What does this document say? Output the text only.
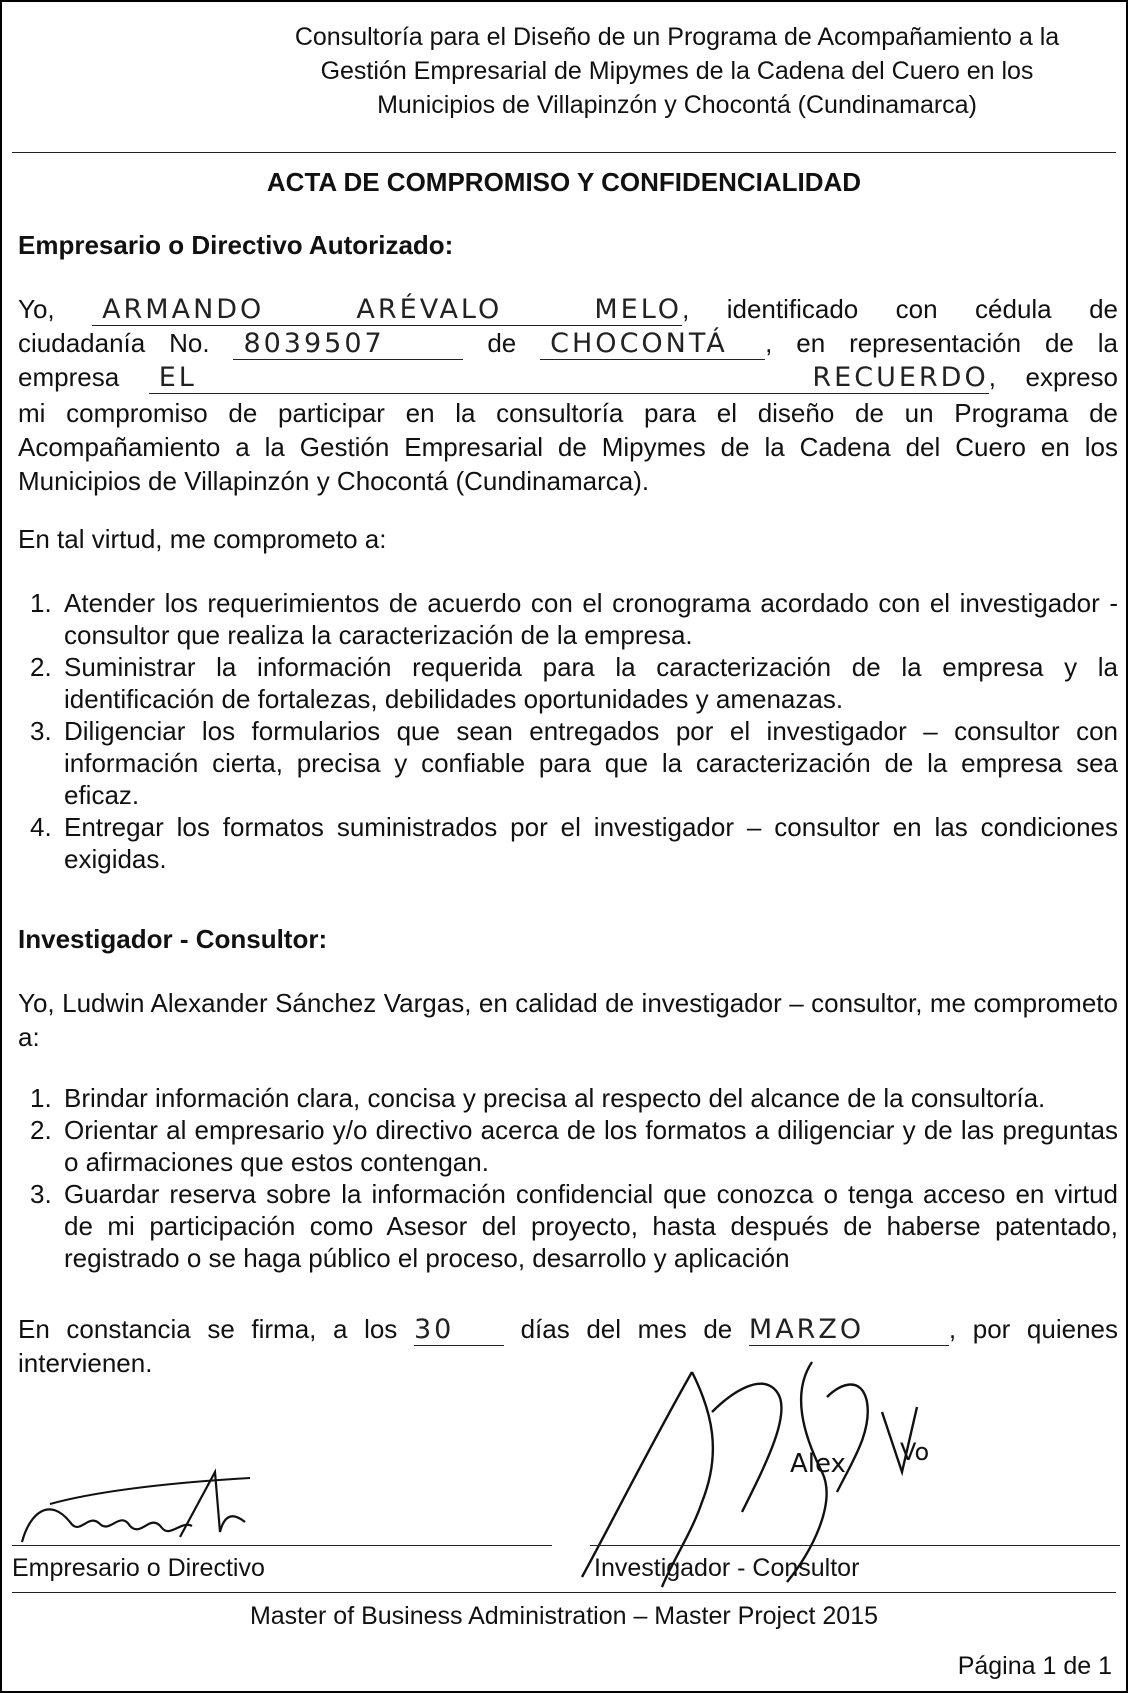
Consultoría para el Diseño de un Programa de Acompañamiento a la
Gestión Empresarial de Mipymes de la Cadena del Cuero en los
Municipios de Villapinzón y Chocontá (Cundinamarca)
ACTA DE COMPROMISO Y CONFIDENCIALIDAD
Empresario o Directivo Autorizado:
Yo, ARMANDO ARÉVALO MELO, identificado con cédula de
ciudadanía No. 8039507	de CHOCONTÁ , en representación de la
empresa EL RECUERDO, expreso
mi compromiso de participar en la consultoría para el diseño de un Programa de Acompañamiento a la Gestión Empresarial de Mipymes de la Cadena del Cuero en los Municipios de Villapinzón y Chocontá (Cundinamarca).
En tal virtud, me comprometo a:
1. Atender los requerimientos de acuerdo con el cronograma acordado con el investigador - consultor que realiza la caracterización de la empresa.
2. Suministrar la información requerida para la caracterización de la empresa y la identificación de fortalezas, debilidades oportunidades y amenazas.
3. Diligenciar los formularios que sean entregados por el investigador – consultor con información cierta, precisa y confiable para que la caracterización de la empresa sea eficaz.
4. Entregar los formatos suministrados por el investigador – consultor en las condiciones exigidas.
Investigador - Consultor:
Yo, Ludwin Alexander Sánchez Vargas, en calidad de investigador – consultor, me comprometo a:
1. Brindar información clara, concisa y precisa al respecto del alcance de la consultoría.
2. Orientar al empresario y/o directivo acerca de los formatos a diligenciar y de las preguntas o afirmaciones que estos contengan.
3. Guardar reserva sobre la información confidencial que conozca o tenga acceso en virtud de mi participación como Asesor del proyecto, hasta después de haberse patentado, registrado o se haga público el proceso, desarrollo y aplicación
En constancia se firma, a los 30	días del mes de MARZO	, por quienes
intervienen.
Empresario o Directivo
Alex Vo
Investigador - Consultor
Master of Business Administration – Master Project 2015
Página 1 de 1
